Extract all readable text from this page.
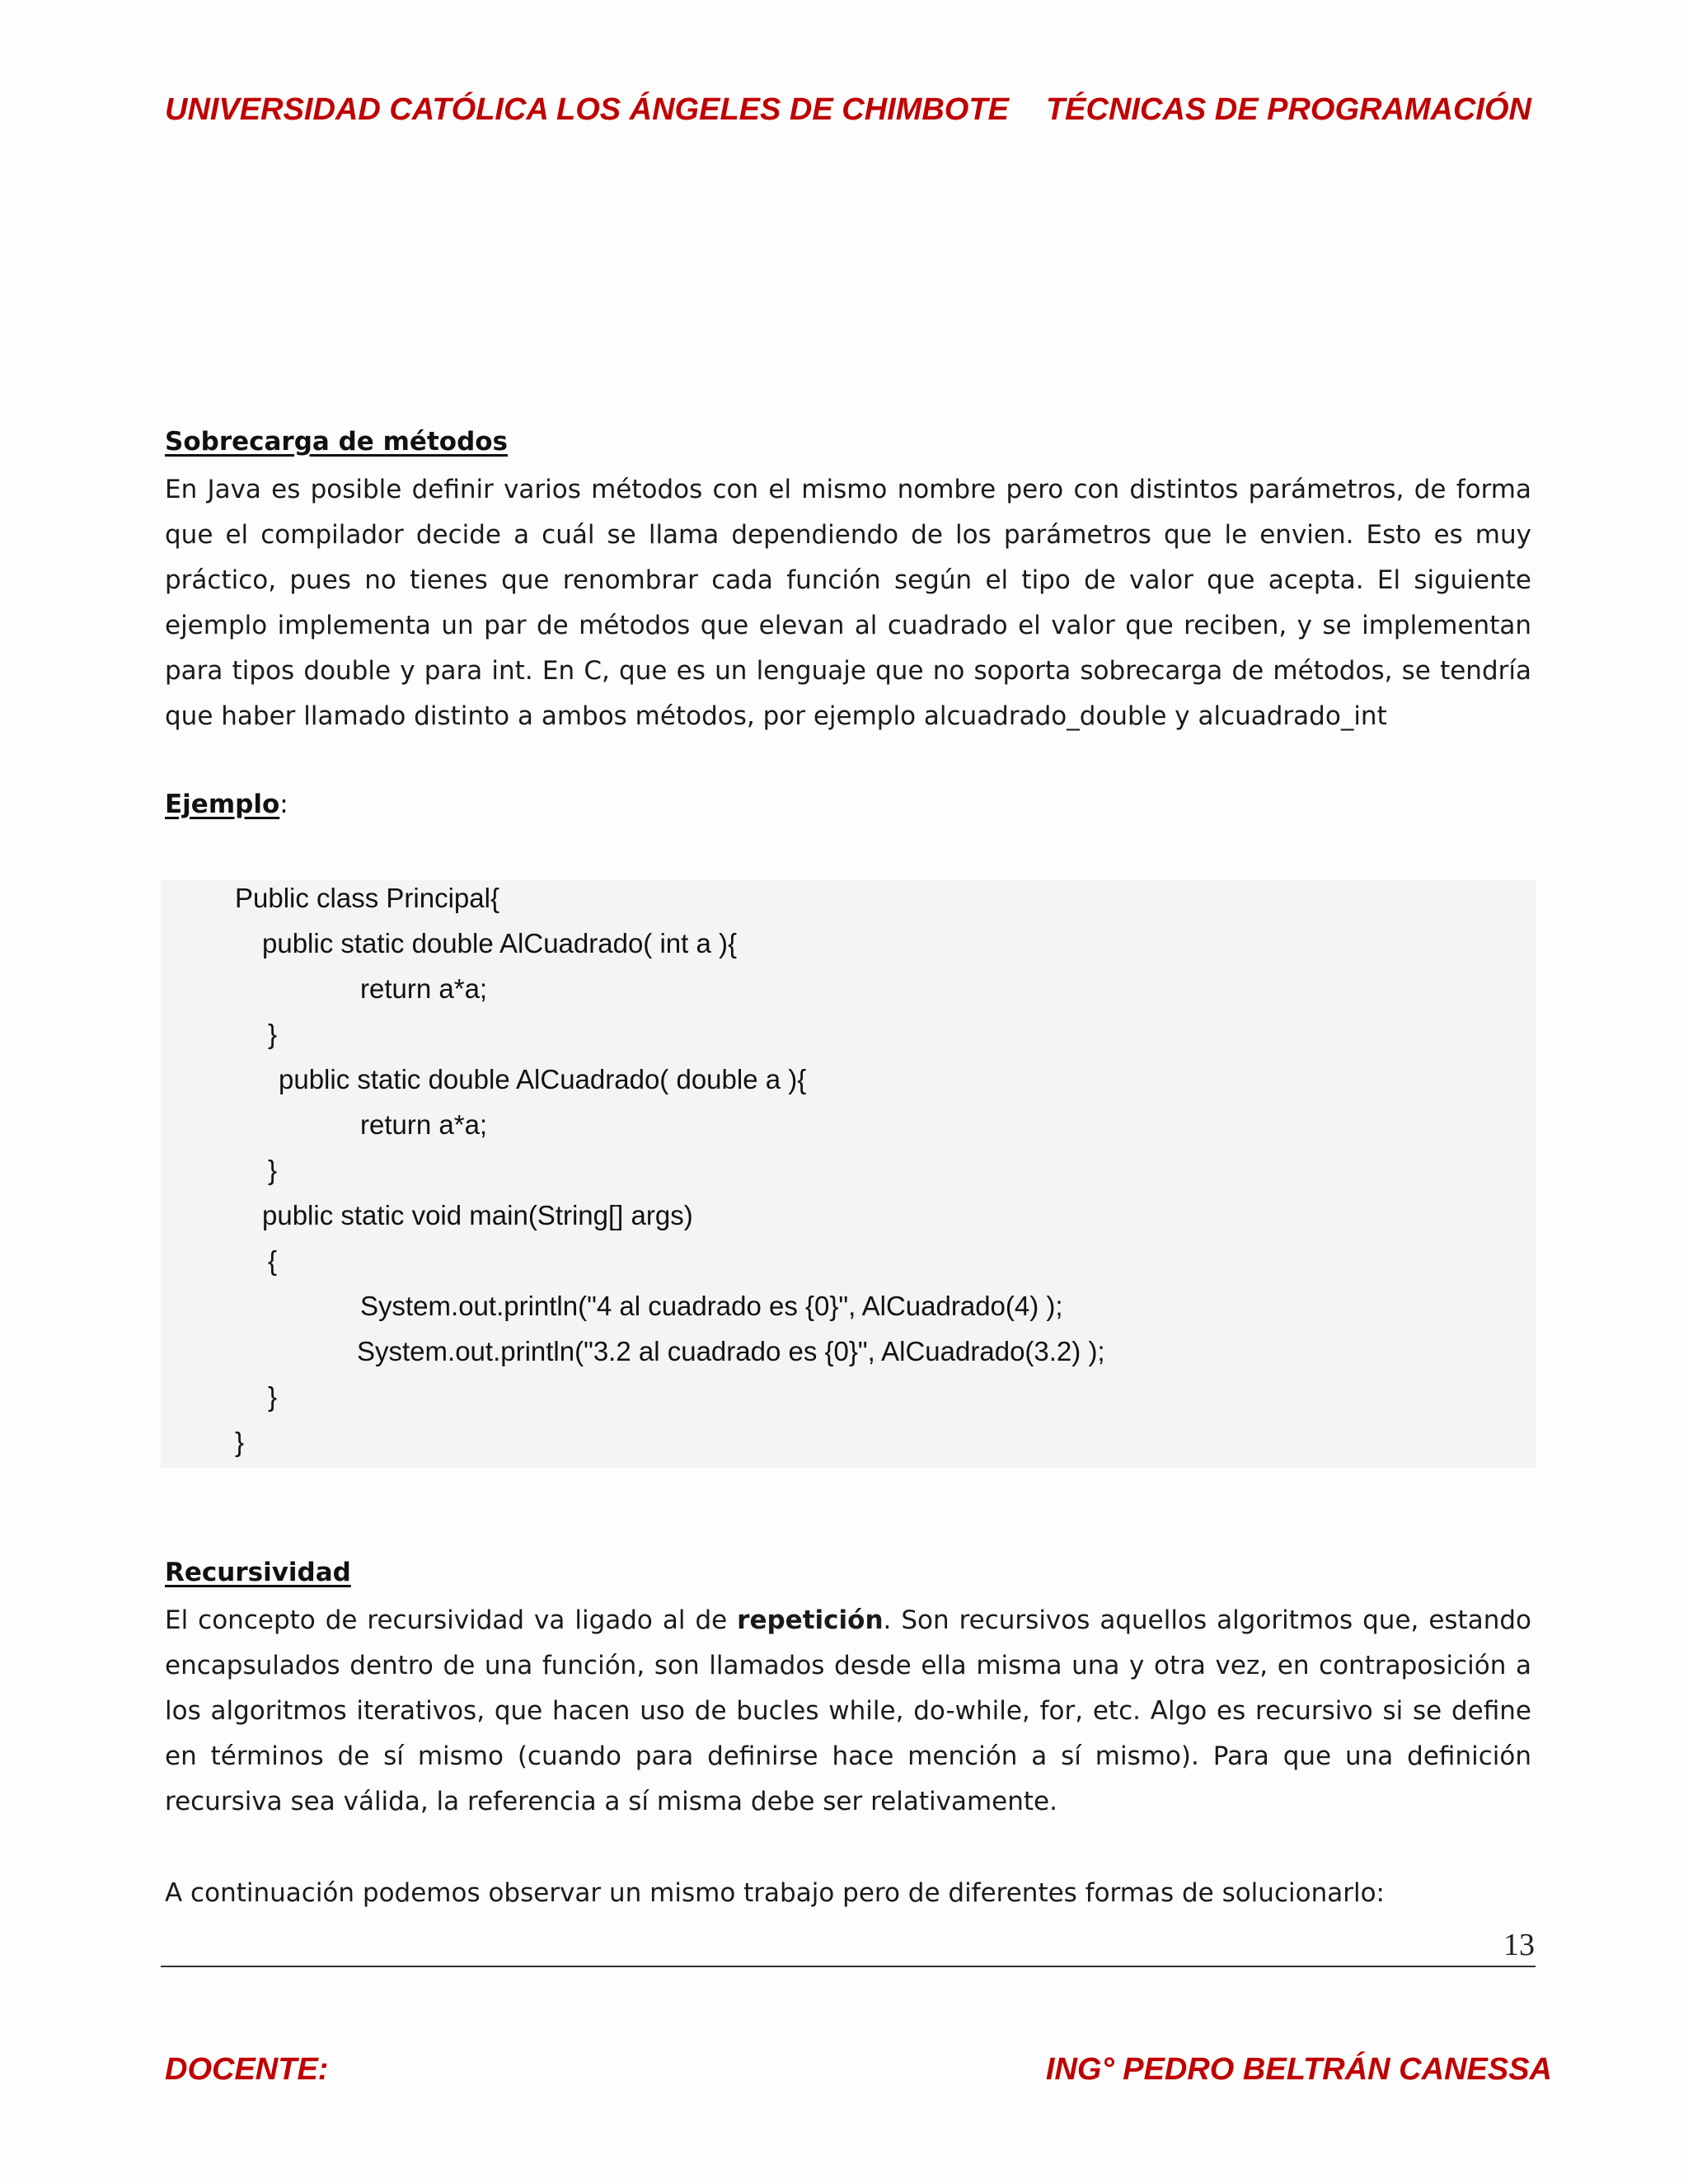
UNIVERSIDAD CATÓLICA LOS ÁNGELES DE CHIMBOTE TÉCNICAS DE PROGRAMACIÓN

Sobrecarga de métodos

En Java es posible definir varios métodos con el mismo nombre pero con distintos parámetros, de forma que el compilador decide a cuál se llama dependiendo de los parámetros que le envien. Esto es muy práctico, pues no tienes que renombrar cada función según el tipo de valor que acepta. El siguiente ejemplo implementa un par de métodos que elevan al cuadrado el valor que reciben, y se implementan para tipos double y para int. En C, que es un lenguaje que no soporta sobrecarga de métodos, se tendría que haber llamado distinto a ambos métodos, por ejemplo alcuadrado_double y alcuadrado_int

Ejemplo:

Public class Principal{

public static double AlCuadrado( int a ){

return a*a;

}

public static double AlCuadrado( double a ){

return a*a;

}

public static void main(String[] args)

{

System.out.println("4 al cuadrado es {0}", AlCuadrado(4) );

System.out.println("3.2 al cuadrado es {0}", AlCuadrado(3.2) );

}

}

Recursividad

El concepto de recursividad va ligado al de repetición. Son recursivos aquellos algoritmos que, estando encapsulados dentro de una función, son llamados desde ella misma una y otra vez, en contraposición a los algoritmos iterativos, que hacen uso de bucles while, do-while, for, etc. Algo es recursivo si se define en términos de sí mismo (cuando para definirse hace mención a sí mismo). Para que una definición recursiva sea válida, la referencia a sí misma debe ser relativamente.

A continuación podemos observar un mismo trabajo pero de diferentes formas de solucionarlo:

13

DOCENTE:	ING° PEDRO BELTRÁN CANESSA
